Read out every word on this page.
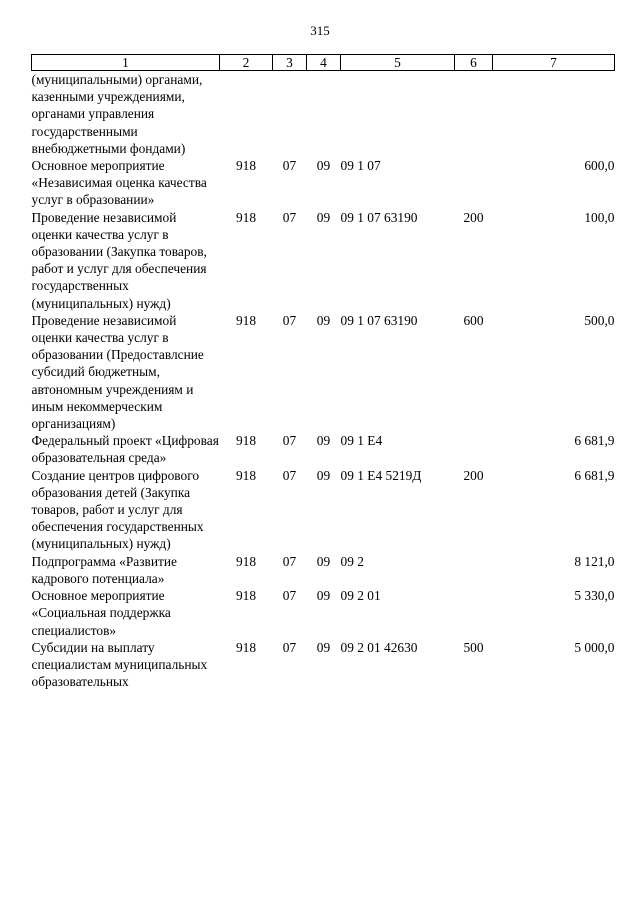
315
1	2	3	4	5	6	7
(муниципальными) органами, казенными учреждениями, органами управления государственными внебюджетными фондами)						
Основное мероприятие «Независимая оценка качества услуг в образовании»	918	07	09	09 1 07		600,0
Проведение независимой оценки качества услуг в образовании (Закупка товаров, работ и услуг для обеспечения государственных (муниципальных) нужд)	918	07	09	09 1 07 63190	200	100,0
Проведение независимой оценки качества услуг в образовании (Предоставлсние субсидий бюджетным, автономным учреждениям и иным некоммерческим организациям)	918	07	09	09 1 07 63190	600	500,0
Федеральный проект «Цифровая образовательная среда»	918	07	09	09 1 Е4		6 681,9
Создание центров цифрового образования детей (Закупка товаров, работ и услуг для обеспечения государственных (муниципальных) нужд)	918	07	09	09 1 Е4 5219Д	200	6 681,9
Подпрограмма «Развитие кадрового потенциала»	918	07	09	09 2		8 121,0
Основное мероприятие «Социальная поддержка специалистов»	918	07	09	09 2 01		5 330,0
Субсидии на выплату специалистам муниципальных образовательных	918	07	09	09 2 01 42630	500	5 000,0
